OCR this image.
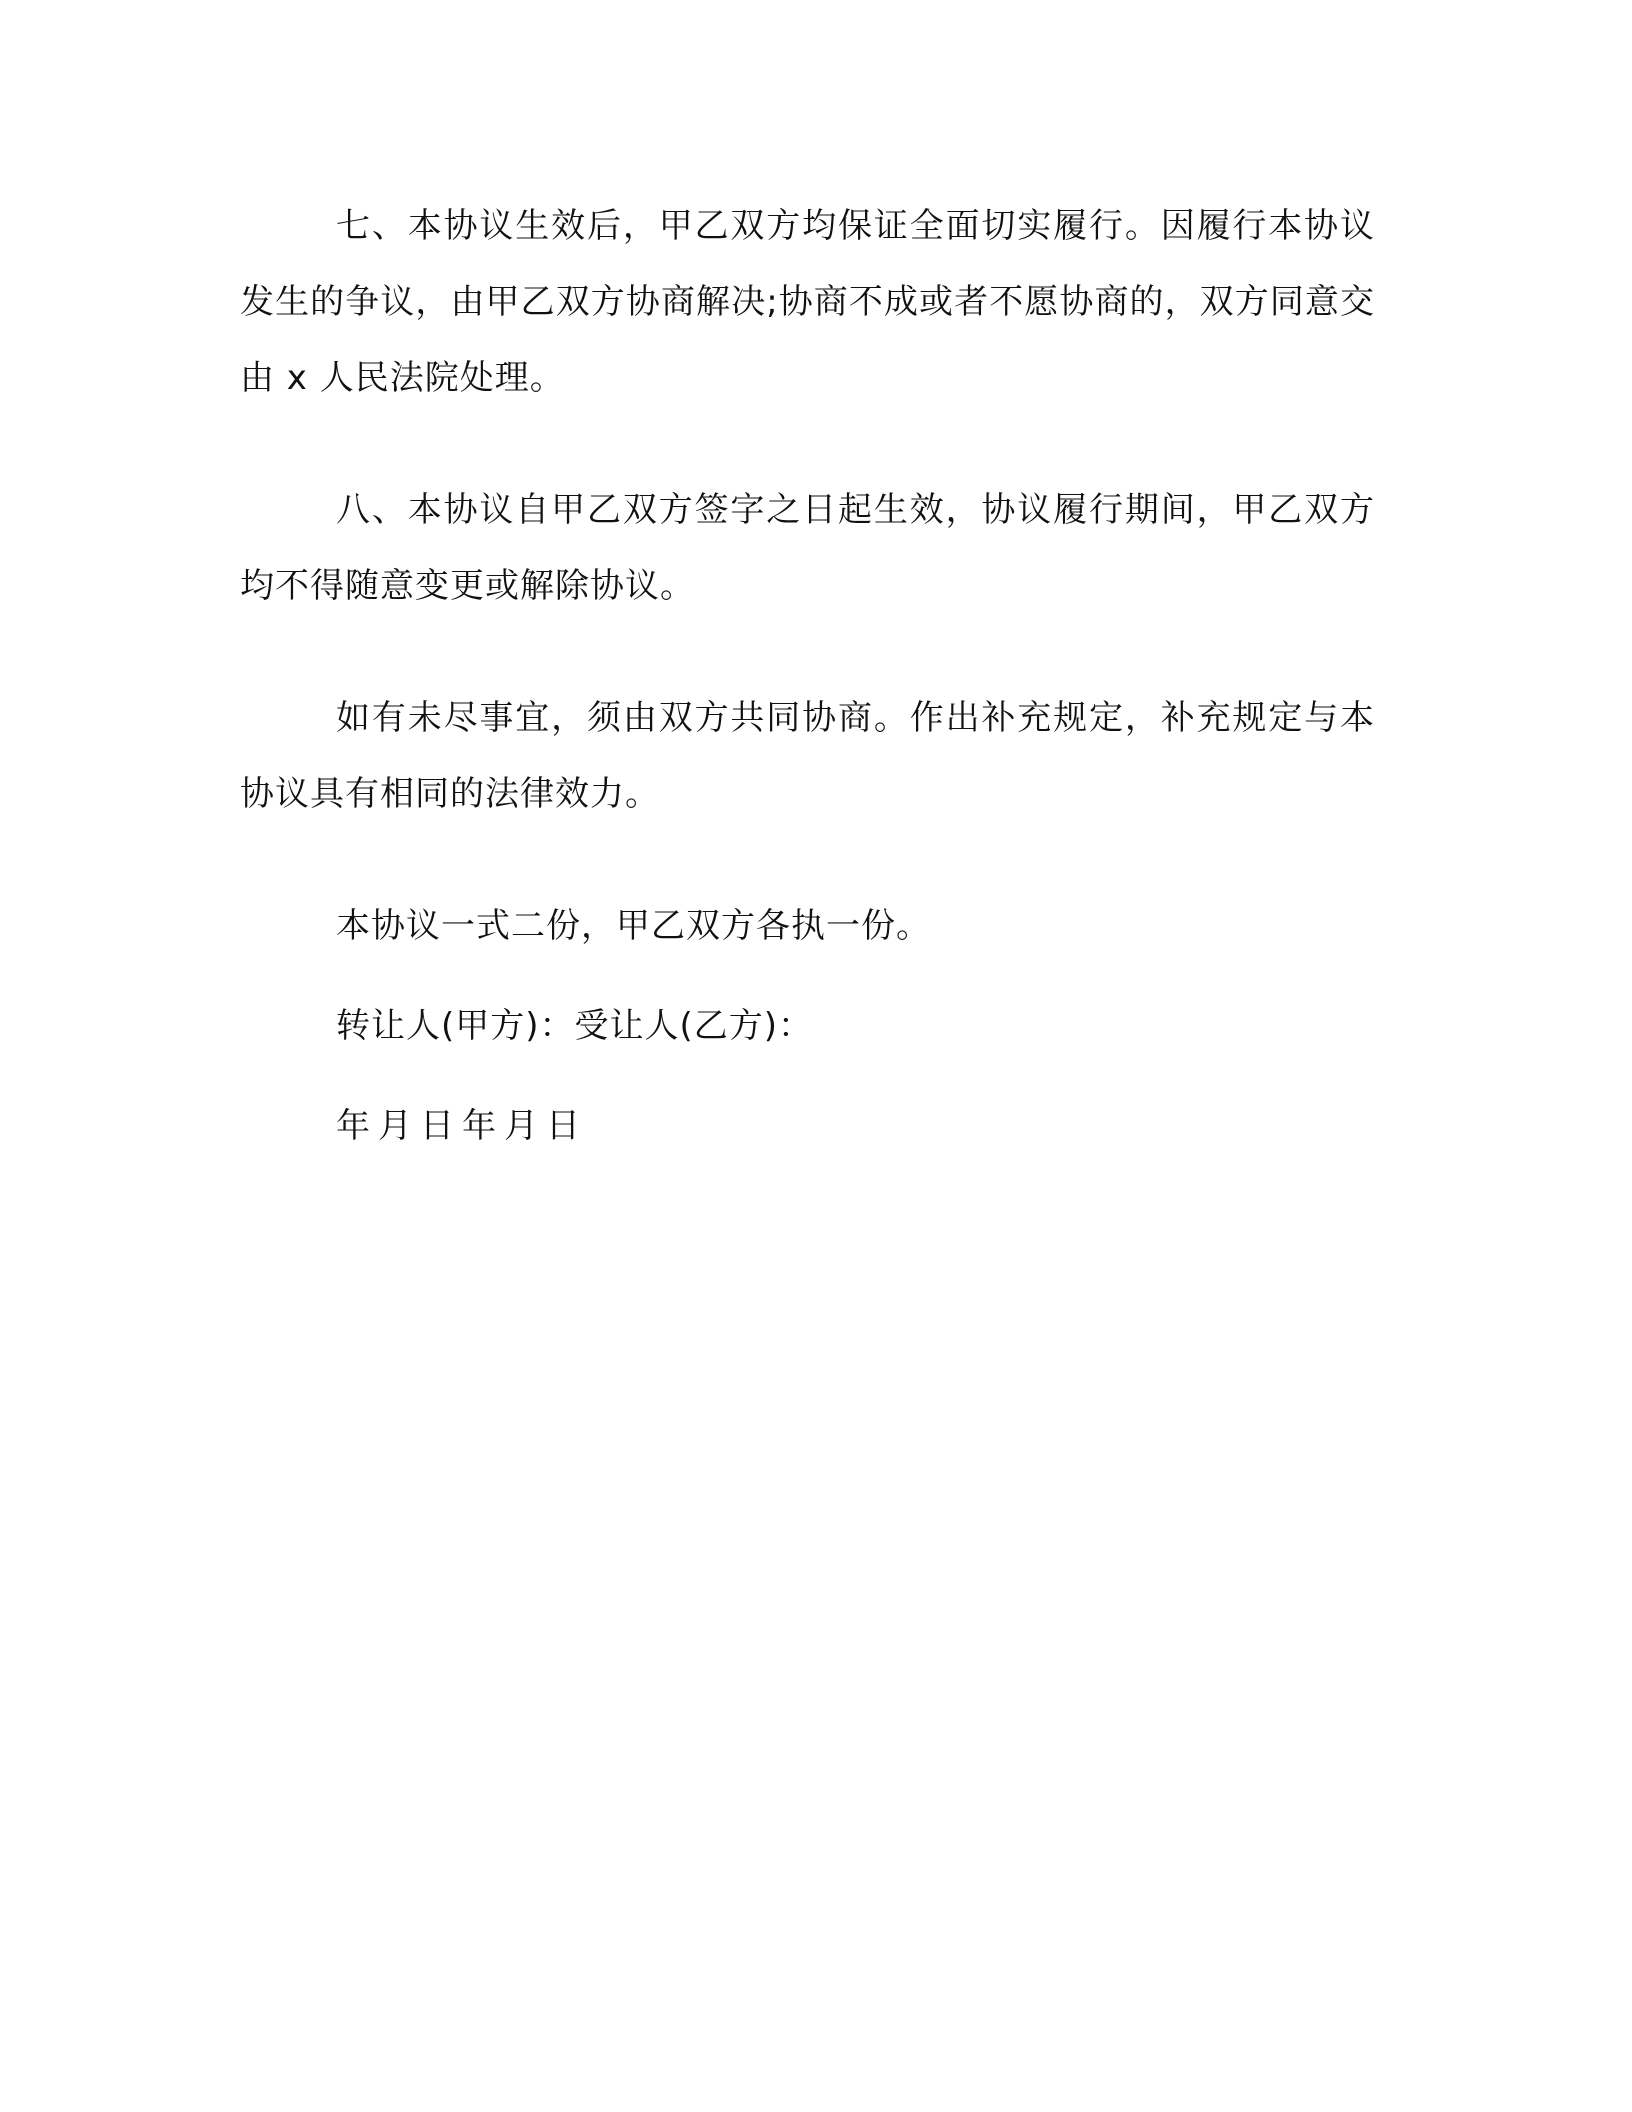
七、本协议生效后，甲乙双方均保证全面切实履行。因履行本协议发生的争议，由甲乙双方协商解决;协商不成或者不愿协商的，双方同意交由 x 人民法院处理。

八、本协议自甲乙双方签字之日起生效，协议履行期间，甲乙双方均不得随意变更或解除协议。

如有未尽事宜，须由双方共同协商。作出补充规定，补充规定与本协议具有相同的法律效力。

本协议一式二份，甲乙双方各执一份。

转让人(甲方)：受让人(乙方)：
年月日年月日
